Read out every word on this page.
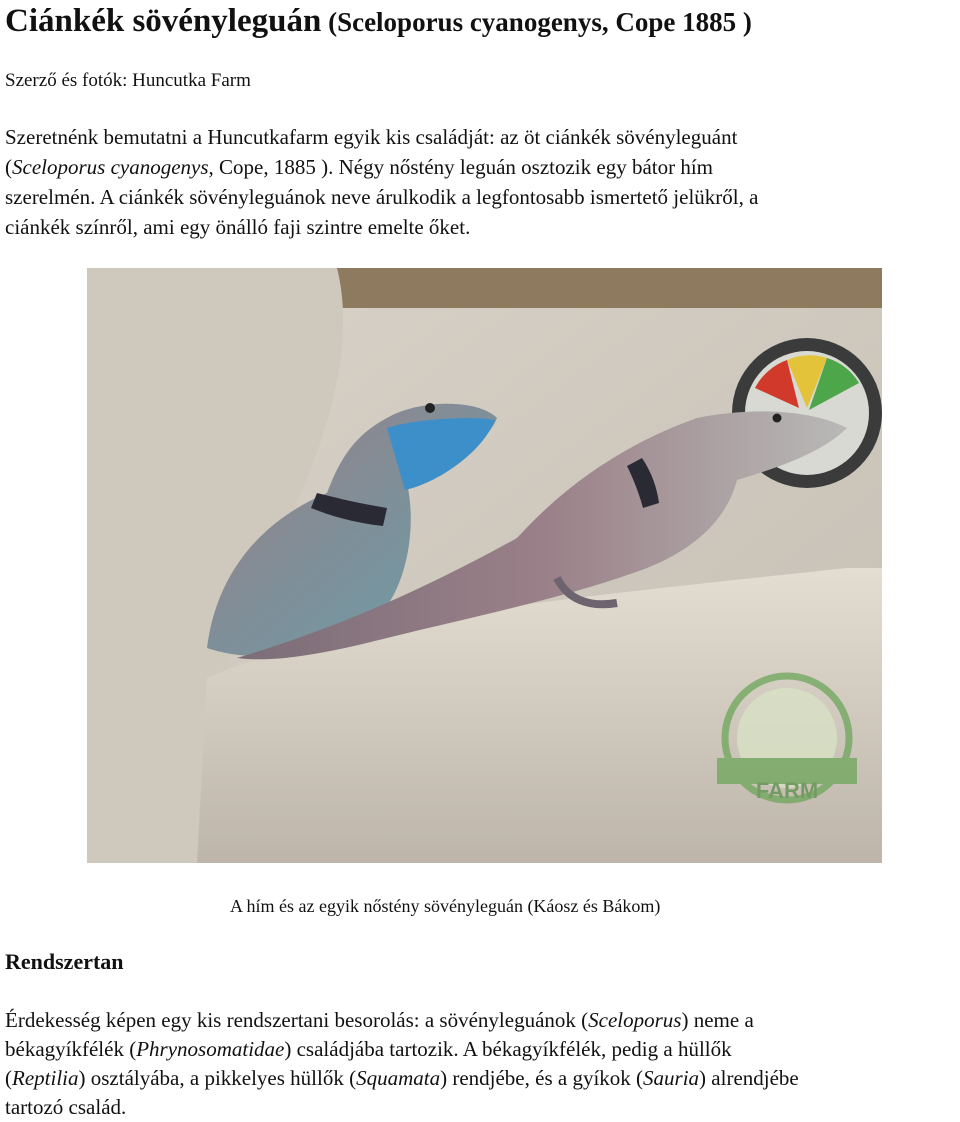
Ciánkék sövényleguán (Sceloporus cyanogenys, Cope 1885 )
Szerző és fotók: Huncutka Farm

Szeretnénk bemutatni a Huncutkafarm egyik kis családját: az öt ciánkék sövényleguánt
(Sceloporus cyanogenys, Cope, 1885 ). Négy nőstény leguán osztozik egy bátor hím
szerelmén. A ciánkék sövényleguánok neve árulkodik a legfontosabb ismertető jelükről, a
ciánkék színről, ami egy önálló faji szintre emelte őket.

FARM
A hím és az egyik nőstény sövényleguán (Káosz és Bákom)
Rendszertan

Érdekesség képen egy kis rendszertani besorolás: a sövényleguánok (Sceloporus) neme a
békagyíkfélék (Phrynosomatidae) családjába tartozik. A békagyíkfélék, pedig a hüllők
(Reptilia) osztályába, a pikkelyes hüllők (Squamata) rendjébe, és a gyíkok (Sauria) alrendjébe
tartozó család.
